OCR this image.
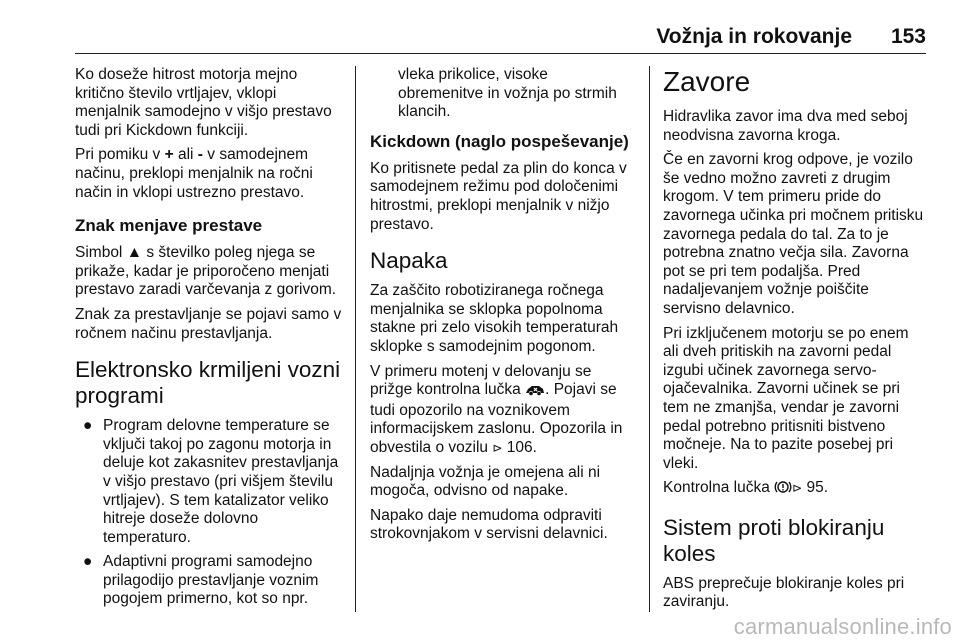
Vožnja in rokovanje 153

Ko doseže hitrost motorja mejno kritično število vrtljajev, vklopi menjalnik samodejno v višjo prestavo tudi pri Kickdown funkciji.

Pri pomiku v + ali - v samodejnem načinu, preklopi menjalnik na ročni način in vklopi ustrezno prestavo.

Znak menjave prestave

Simbol ▲ s številko poleg njega se prikaže, kadar je priporočeno menjati prestavo zaradi varčevanja z gorivom.

Znak za prestavljanje se pojavi samo v ročnem načinu prestavljanja.

Elektronsko krmiljeni vozni programi
● Program delovne temperature se vključi takoj po zagonu motorja in deluje kot zakasnitev prestavljanja v višjo prestavo (pri višjem številu vrtljajev). S tem katalizator veliko hitreje doseže dolovno temperaturo.
● Adaptivni programi samodejno prilagodijo prestavljanje voznim pogojem primerno, kot so npr.

vleka prikolice, visoke obremenitve in vožnja po strmih klancih.

Kickdown (naglo pospeševanje)

Ko pritisnete pedal za plin do konca v samodejnem režimu pod določenimi hitrostmi, preklopi menjalnik v nižjo prestavo.

Napaka

Za zaščito robotiziranega ročnega menjalnika se sklopka popolnoma stakne pri zelo visokih temperaturah sklopke s samodejnim pogonom.

V primeru motenj v delovanju se prižge kontrolna lučka . Pojavi se tudi opozorilo na voznikovem informacijskem zaslonu. Opozorila in obvestila o vozilu ⊳ 106.

Nadaljnja vožnja je omejena ali ni mogoča, odvisno od napake.

Napako daje nemudoma odpraviti strokovnjakom v servisni delavnici.

Zavore

Hidravlika zavor ima dva med seboj neodvisna zavorna kroga.

Če en zavorni krog odpove, je vozilo še vedno možno zavreti z drugim krogom. V tem primeru pride do zavornega učinka pri močnem pritisku zavornega pedala do tal. Za to je potrebna znatno večja sila. Zavorna pot se pri tem podaljša. Pred nadaljevanjem vožnje poiščite servisno delavnico.

Pri izključenem motorju se po enem ali dveh pritiskih na zavorni pedal izgubi učinek zavornega servo-ojačevalnika. Zavorni učinek se pri tem ne zmanjša, vendar je zavorni pedal potrebno pritisniti bistveno močneje. Na to pazite posebej pri vleki.

Kontrolna lučka ⊳ 95.

Sistem proti blokiranju koles

ABS preprečuje blokiranje koles pri zaviranju.

carmanualsonline.info
